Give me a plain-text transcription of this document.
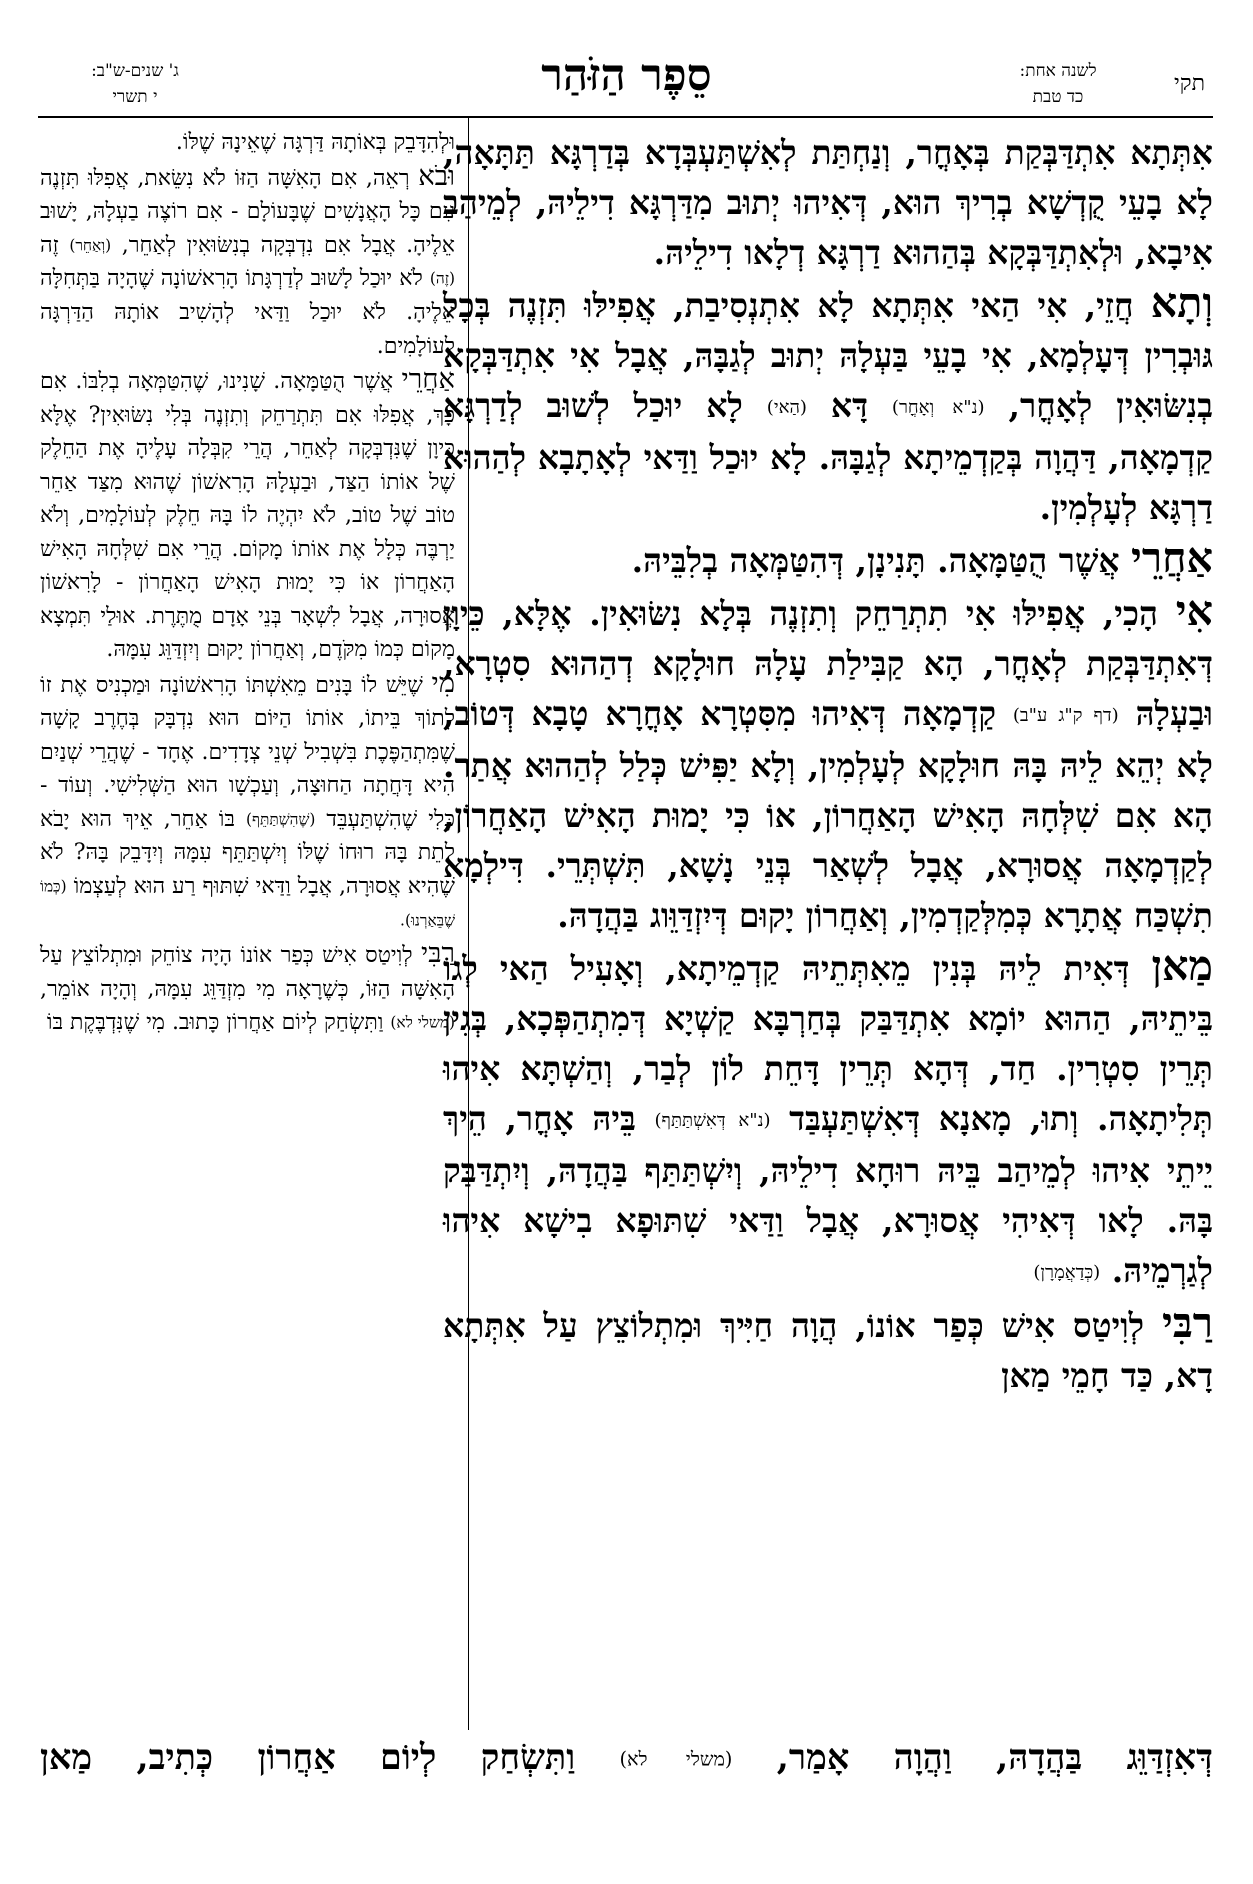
תקי
לשנה אחת:
כד טבת
סֵפֶר הַזֹּהַר
ג' שנים-ש"ב:
י תשרי

אִתְּתָא אִתְדַּבְּקַת בְּאָחֳר, וְנַחְתַּת לְאִשְׁתַּעְבְּדָא בְּדַרְגָּא תַּתָּאָה, לָא בָעֵי קֻדְשָׁא בְרִיךְ הוּא, דְּאִיהוּ יְתוּב מִדַּרְגָּא דִילֵיהּ, לְמֵיהַב אִיבָא, וּלְאִתְדַּבְּקָא בְּהַהוּא דַרְגָּא דְלָאו דִילֵיהּ.

וְתָא חֲזֵי, אִי הַאי אִתְּתָא לָא אִתְנְסִיבַת, אֲפִילּוּ תִּזְנֶה בְּכָל גּוּבְרִין דְּעָלְמָא, אִי בָעֵי בַּעְלָהּ יְתוּב לְגַבָּהּ, אֲבָל אִי אִתְדַּבְּקָא בְנִשּׂוּאִין לְאָחֳר, (נ"א וְאָחֳר) דָּא (הַאי) לָא יוּכַל לְשׁוּב לְדַרְגָּא קַדְמָאָה, דַּהֲוָה בְּקַדְמֵיתָא לְגַבָּהּ. לָא יוּכַל וַדַּאי לְאָתָבָא לְהַהוּא דַרְגָּא לְעָלְמִין.

אַחֲרֵי אֲשֶׁר הֻטַּמָּאָה. תָּנִינָן, דְּהִטַּמְּאָה בְלִבֵּיהּ.

אִי הָכִי, אֲפִילּוּ אִי תִתְרַחֵק וְתִזְנֶה בְּלָא נִשּׂוּאִין. אֶלָּא, כֵּיוָן דְּאִתְדַּבְּקַת לְאָחֳר, הָא קַבִּילַת עָלָהּ חוּלָקָא דְהַהוּא סִטְרָא, וּבַעְלָהּ (דף ק"ג ע"ב) קַדְמָאָה דְּאִיהוּ מִסִּטְרָא אָחֳרָא טָבָא דְּטוֹב, לָא יְהֵא לֵיהּ בָּהּ חוּלָקָא לְעָלְמִין, וְלָא יַפִּישׁ כְּלַל לְהַהוּא אֲתַר. הָא אִם שִׁלְּחָהּ הָאִישׁ הָאַחֲרוֹן, אוֹ כִּי יָמוּת הָאִישׁ הָאַחֲרוֹן, לְקַדְמָאָה אֲסוּרָא, אֲבָל לְשְׁאַר בְּנֵי נָשָׁא, תִּשְׁתְּרֵי. דִּילְמָא תִשְׁכַּח אֲתָרָא כְּמִלְּקַדְמִין, וְאַחֲרוֹן יָקוּם דְּיִזְדַּוֵּוג בַּהֲדָהּ.

מַאן דְּאִית לֵיהּ בְּנִין מֵאִתְּתֵיהּ קַדְמֵיתָא, וְאָעִיל הַאי לְגוֹ בֵּיתֵיהּ, הַהוּא יוֹמָא אִתְדַּבַּק בְּחַרְבָּא קַשְׁיָא דְּמִתְהַפְּכָא, בְּגִין תְּרֵין סִטְרִין. חַד, דְּהָא תְּרֵין דָּחֵת לוֹן לְבַר, וְהַשְׁתָּא אִיהוּ תְּלִיתָאָה. וְתוּ, מָאנָא דְּאִשְׁתַּעְבַּד (נ"א דְּאִשְׁתַּתַּף) בֵּיהּ אָחֳר, הֵיךְ יֵיתֵי אִיהוּ לְמֵיהַב בֵּיהּ רוּחָא דִילֵיהּ, וְיִשְׁתַּתַּף בַּהֲדָהּ, וְיִתְדַּבַּק בָּהּ. לָאו דְּאִיהִי אֲסוּרָא, אֲבָל וַדַּאי שִׁתּוּפָא בִישָׁא אִיהוּ לְגַרְמֵיהּ. (כְּדַאֲמָרָן)

רַבִּי לְוִיטַס אִישׁ כְּפַר אוֹנוֹ, הֲוָה חַיִּיךְ וּמִתְלוֹצֵץ עַל אִתְּתָא דָא, כַּד חָמֵי מַאן

וּלְהִדָּבֵק בְּאוֹתָהּ דַּרְגָּה שֶׁאֵינָהּ שֶׁלּוֹ.

וּבֹא רְאֵה, אִם הָאִשָּׁה הַזּוֹ לֹא נִשֵּׂאת, אֲפִלּוּ תִּזְנֶה עִם כָּל הָאֲנָשִׁים שֶׁבָּעוֹלָם - אִם רוֹצֶה בַעְלָהּ, יָשׁוּב אֵלֶיהָ. אֲבָל אִם נִדְבְּקָה בְנִשּׂוּאִין לְאַחֵר, (וְאַחֵר) זֶה (זֶה) לֹא יוּכַל לָשׁוּב לְדַרְגָּתוֹ הָרִאשׁוֹנָה שֶׁהָיָה בַּתְּחִלָּה אֵלֶיהָ. לֹא יוּכַל וַדַּאי לְהָשִׁיב אוֹתָהּ הַדַּרְגָּה לְעוֹלָמִים.

אַחֲרֵי אֲשֶׁר הֻטַּמָּאָה. שָׁנִינוּ, שֶׁהִטַּמְּאָה בְלִבּוֹ. אִם כָּךְ, אֲפִלּוּ אִם תִּתְרַחֵק וְתִזְנֶה בְּלִי נִשּׂוּאִין? אֶלָּא כֵּיוָן שֶׁנִּדְבְּקָה לְאַחֵר, הֲרֵי קִבְּלָה עָלֶיהָ אֶת הַחֵלֶק שֶׁל אוֹתוֹ הַצַּד, וּבַעְלָהּ הָרִאשׁוֹן שֶׁהוּא מִצַּד אַחֵר טוֹב שֶׁל טוֹב, לֹא יִהְיֶה לוֹ בָּהּ חֵלֶק לְעוֹלָמִים, וְלֹא יַרְבֶּה כְּלָל אֶת אוֹתוֹ מָקוֹם. הֲרֵי אִם שִׁלְּחָהּ הָאִישׁ הָאַחֲרוֹן אוֹ כִּי יָמוּת הָאִישׁ הָאַחֲרוֹן - לָרִאשׁוֹן אֲסוּרָה, אֲבָל לִשְׁאָר בְּנֵי אָדָם מֻתֶּרֶת. אוּלַי תִּמְצָא מָקוֹם כְּמוֹ מִקֹּדֶם, וְאַחֲרוֹן יָקוּם וְיִזְדַּוֵּג עִמָּהּ.

מִי שֶׁיֵּשׁ לוֹ בָּנִים מֵאִשְׁתּוֹ הָרִאשׁוֹנָה וּמַכְנִיס אֶת זוֹ לְתוֹךְ בֵּיתוֹ, אוֹתוֹ הַיּוֹם הוּא נִדְבָּק בְּחֶרֶב קָשָׁה שֶׁמִּתְהַפֶּכֶת בִּשְׁבִיל שְׁנֵי צְדָדִים. אֶחָד - שֶׁהֲרֵי שְׁנַיִם הִיא דָּחֲתָה הַחוּצָה, וְעַכְשָׁו הוּא הַשְּׁלִישִׁי. וְעוֹד - כְּלִי שֶׁהִשְׁתַּעְבֵּד (שֶׁהִשְׁתַּתֵּף) בּוֹ אַחֵר, אֵיךְ הוּא יָבֹא לָתֵת בָּהּ רוּחוֹ שֶׁלּוֹ וְיִשְׁתַּתֵּף עִמָּהּ וְיִדָּבֵק בָּהּ? לֹא שֶׁהִיא אֲסוּרָה, אֲבָל וַדַּאי שִׁתּוּף רַע הוּא לְעַצְמוֹ (כְּמוֹ שֶׁבֵּאַרְנוּ).

רַבִּי לְוִיטַס אִישׁ כְּפַר אוֹנוֹ הָיָה צוֹחֵק וּמִתְלוֹצֵץ עַל הָאִשָּׁה הַזּוֹ, כְּשֶׁרָאָה מִי מִזְדַּוֵּג עִמָּהּ, וְהָיָה אוֹמֵר, (משלי לא) וַתִּשְׂחַק לְיוֹם אַחֲרוֹן כָּתוּב. מִי שֶׁנִּדְבֶּקֶת בּוֹ

דְּאִזְדַּוֵּג בַּהֲדָהּ, וַהֲוָה אָמַר, (משלי לא) וַתִּשְׂחַק לְיוֹם אַחֲרוֹן כְּתִיב, מַאן
